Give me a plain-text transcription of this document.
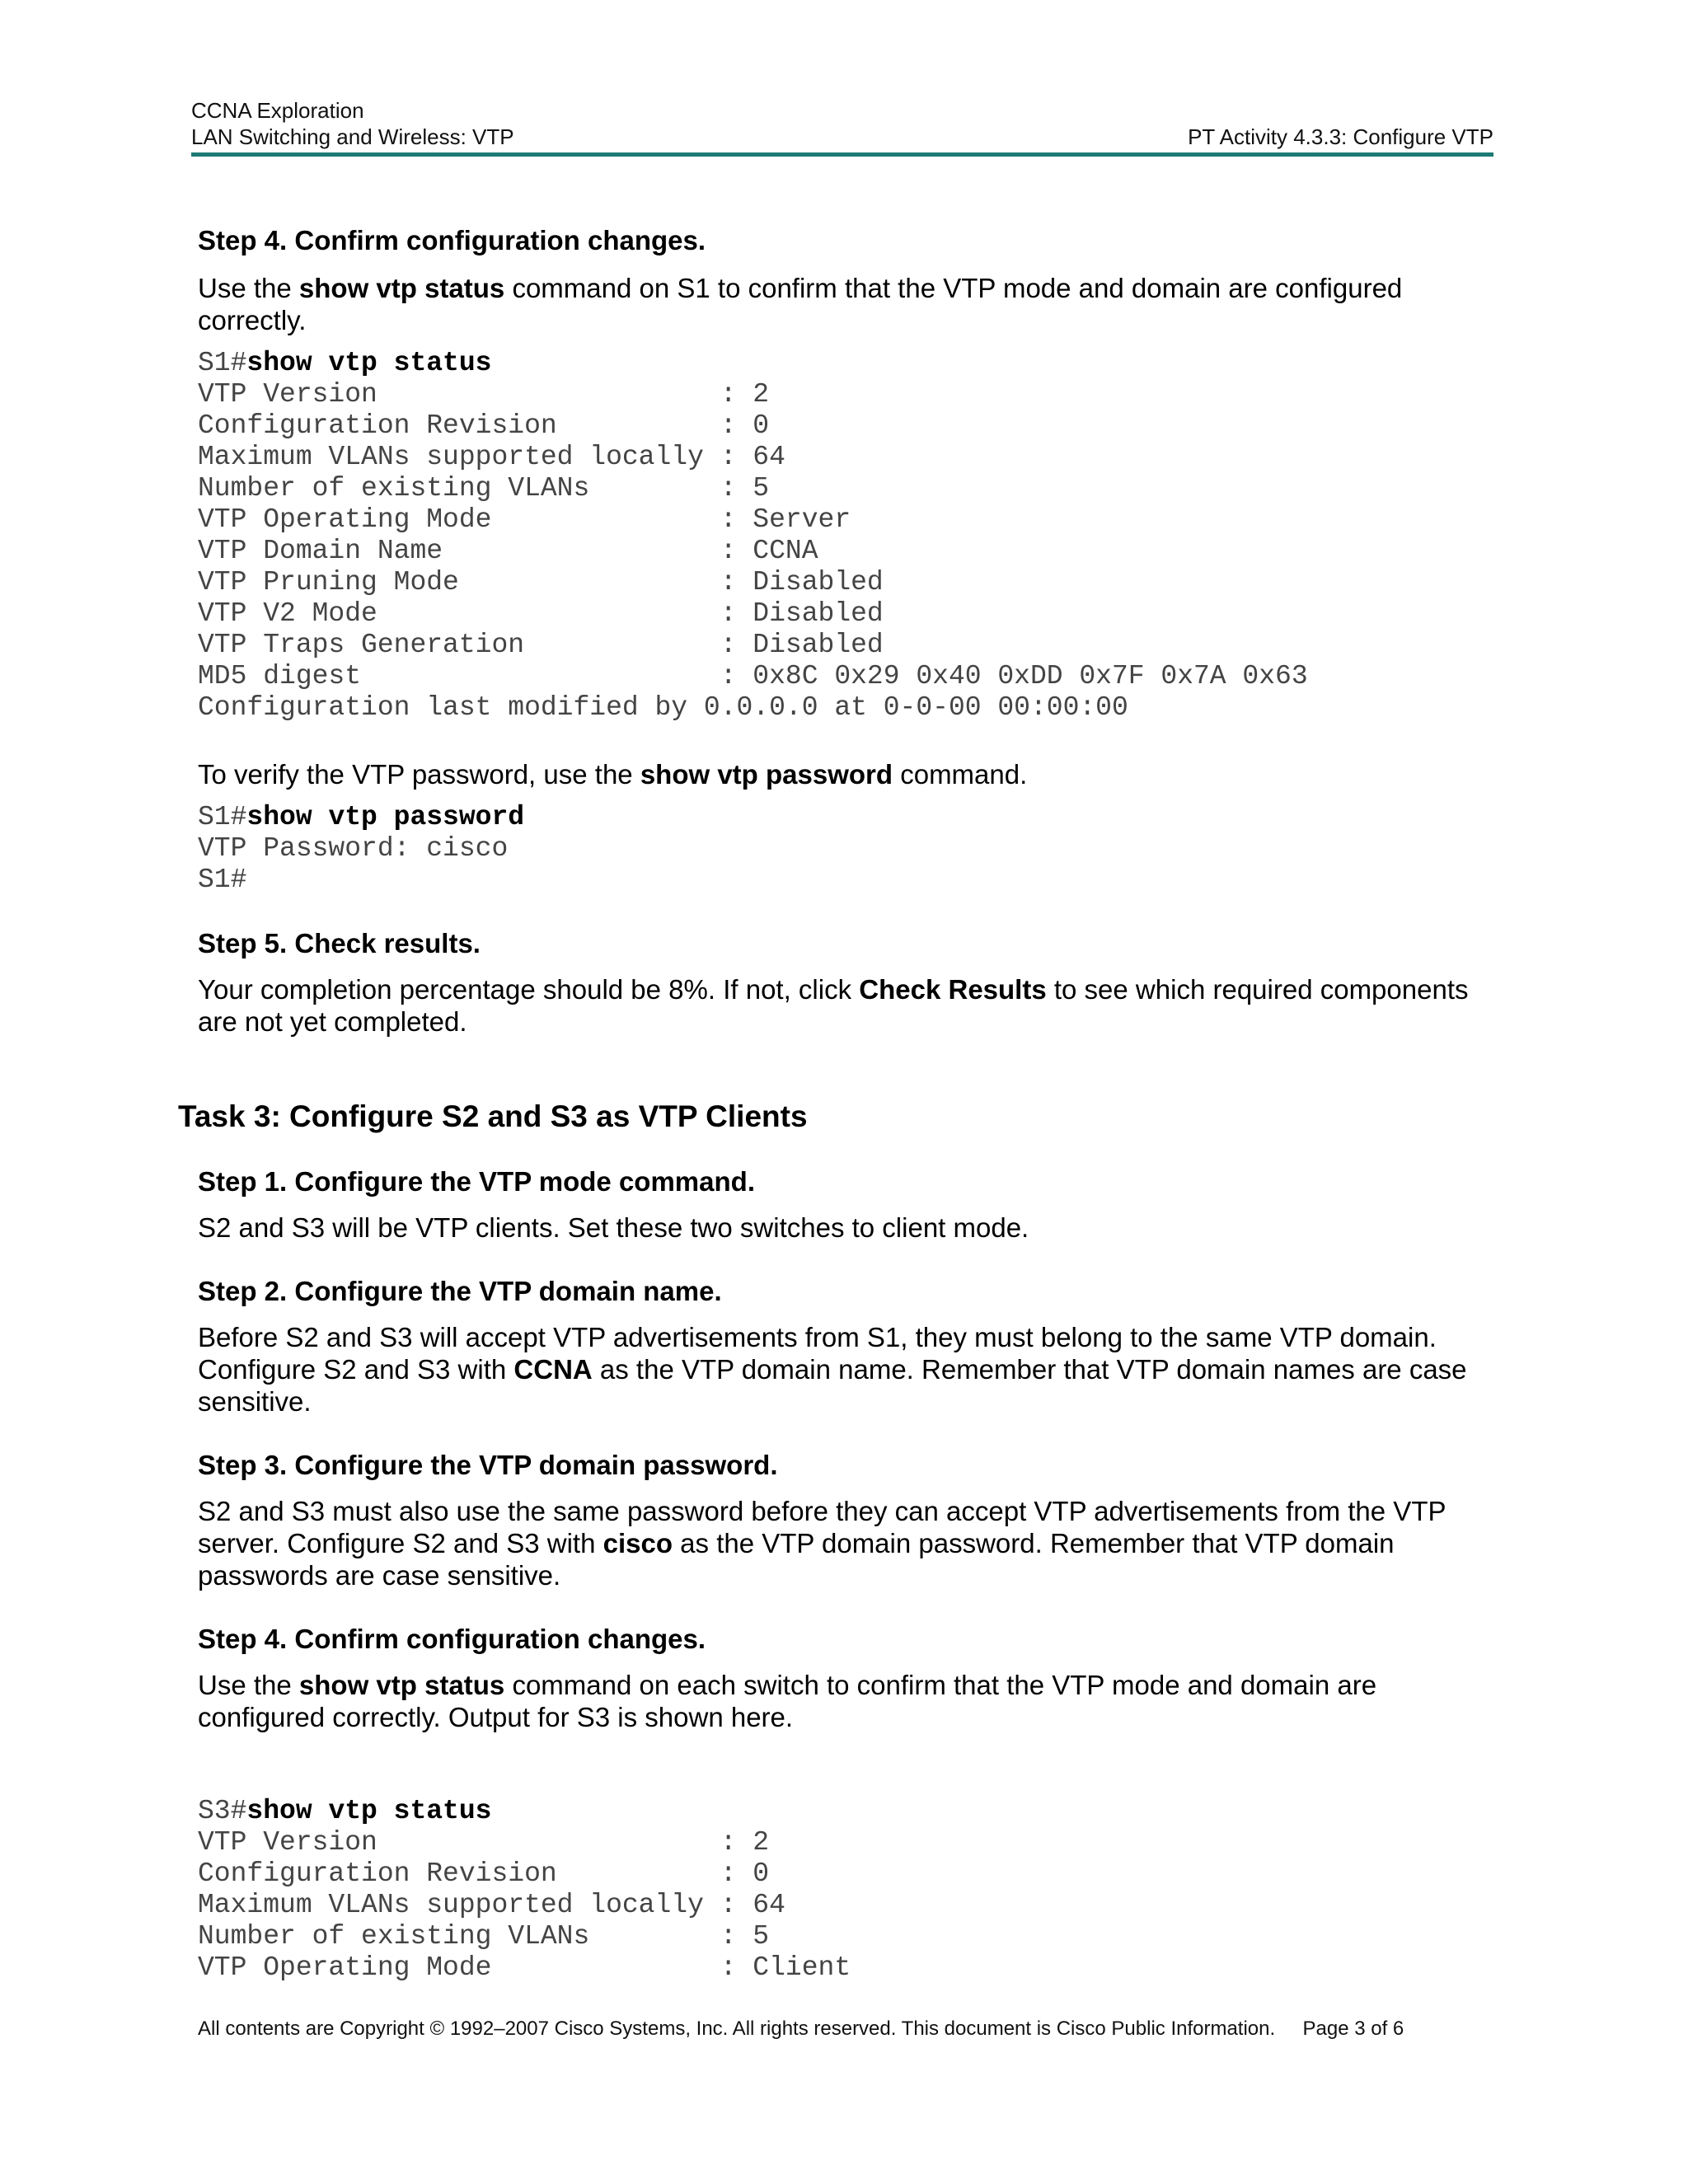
CCNA Exploration
LAN Switching and Wireless: VTP	PT Activity 4.3.3: Configure VTP

Step 4. Confirm configuration changes.

Use the show vtp status command on S1 to confirm that the VTP mode and domain are configured correctly.

S1#show vtp status
VTP Version                     : 2
Configuration Revision          : 0
Maximum VLANs supported locally : 64
Number of existing VLANs        : 5
VTP Operating Mode              : Server
VTP Domain Name                 : CCNA
VTP Pruning Mode                : Disabled
VTP V2 Mode                     : Disabled
VTP Traps Generation            : Disabled
MD5 digest                      : 0x8C 0x29 0x40 0xDD 0x7F 0x7A 0x63
Configuration last modified by 0.0.0.0 at 0-0-00 00:00:00

To verify the VTP password, use the show vtp password command.

S1#show vtp password
VTP Password: cisco
S1#

Step 5. Check results.

Your completion percentage should be 8%. If not, click Check Results to see which required components are not yet completed.

Task 3: Configure S2 and S3 as VTP Clients

Step 1. Configure the VTP mode command.

S2 and S3 will be VTP clients. Set these two switches to client mode.

Step 2. Configure the VTP domain name.

Before S2 and S3 will accept VTP advertisements from S1, they must belong to the same VTP domain. Configure S2 and S3 with CCNA as the VTP domain name. Remember that VTP domain names are case sensitive.

Step 3. Configure the VTP domain password.

S2 and S3 must also use the same password before they can accept VTP advertisements from the VTP server. Configure S2 and S3 with cisco as the VTP domain password. Remember that VTP domain passwords are case sensitive.

Step 4. Confirm configuration changes.

Use the show vtp status command on each switch to confirm that the VTP mode and domain are configured correctly. Output for S3 is shown here.

S3#show vtp status
VTP Version                     : 2
Configuration Revision          : 0
Maximum VLANs supported locally : 64
Number of existing VLANs        : 5
VTP Operating Mode              : Client
All contents are Copyright © 1992–2007 Cisco Systems, Inc. All rights reserved. This document is Cisco Public Information. Page 3 of 6
